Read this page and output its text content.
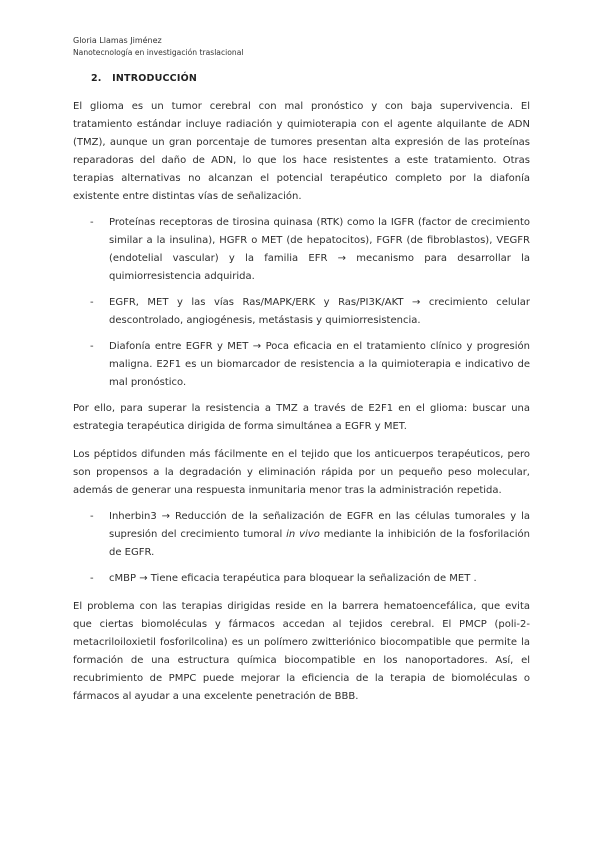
Gloria Llamas Jiménez
Nanotecnología en investigación traslacional
2.   INTRODUCCIÓN
El glioma es un tumor cerebral con mal pronóstico y con baja supervivencia. El tratamiento estándar incluye radiación y quimioterapia con el agente alquilante de ADN (TMZ), aunque un gran porcentaje de tumores presentan alta expresión de las proteínas reparadoras del daño de ADN, lo que los hace resistentes a este tratamiento. Otras terapias alternativas no alcanzan el potencial terapéutico completo por la diafonía existente entre distintas vías de señalización.
- Proteínas receptoras de tirosina quinasa (RTK) como la IGFR (factor de crecimiento similar a la insulina), HGFR o MET (de hepatocitos), FGFR (de fibroblastos), VEGFR (endotelial vascular) y la familia EFR → mecanismo para desarrollar la quimiorresistencia adquirida.
- EGFR, MET y las vías Ras/MAPK/ERK y Ras/PI3K/AKT → crecimiento celular descontrolado, angiogénesis, metástasis y quimiorresistencia.
- Diafonía entre EGFR y MET → Poca eficacia en el tratamiento clínico y progresión maligna. E2F1 es un biomarcador de resistencia a la quimioterapia e indicativo de mal pronóstico.
Por ello, para superar la resistencia a TMZ a través de E2F1 en el glioma: buscar una estrategia terapéutica dirigida de forma simultánea a EGFR y MET.
Los péptidos difunden más fácilmente en el tejido que los anticuerpos terapéuticos, pero son propensos a la degradación y eliminación rápida por un pequeño peso molecular, además de generar una respuesta inmunitaria menor tras la administración repetida.
- Inherbin3 → Reducción de la señalización de EGFR en las células tumorales y la supresión del crecimiento tumoral in vivo mediante la inhibición de la fosforilación de EGFR.
- cMBP → Tiene eficacia terapéutica para bloquear la señalización de MET .
El problema con las terapias dirigidas reside en la barrera hematoencefálica, que evita que ciertas biomoléculas y fármacos accedan al tejidos cerebral. El PMCP (poli-2-metacriloiloxietil fosforilcolina) es un polímero zwitteriónico biocompatible que permite la formación de una estructura química biocompatible en los nanoportadores. Así, el recubrimiento de PMPC puede mejorar la eficiencia de la terapia de biomoléculas o fármacos al ayudar a una excelente penetración de BBB.
